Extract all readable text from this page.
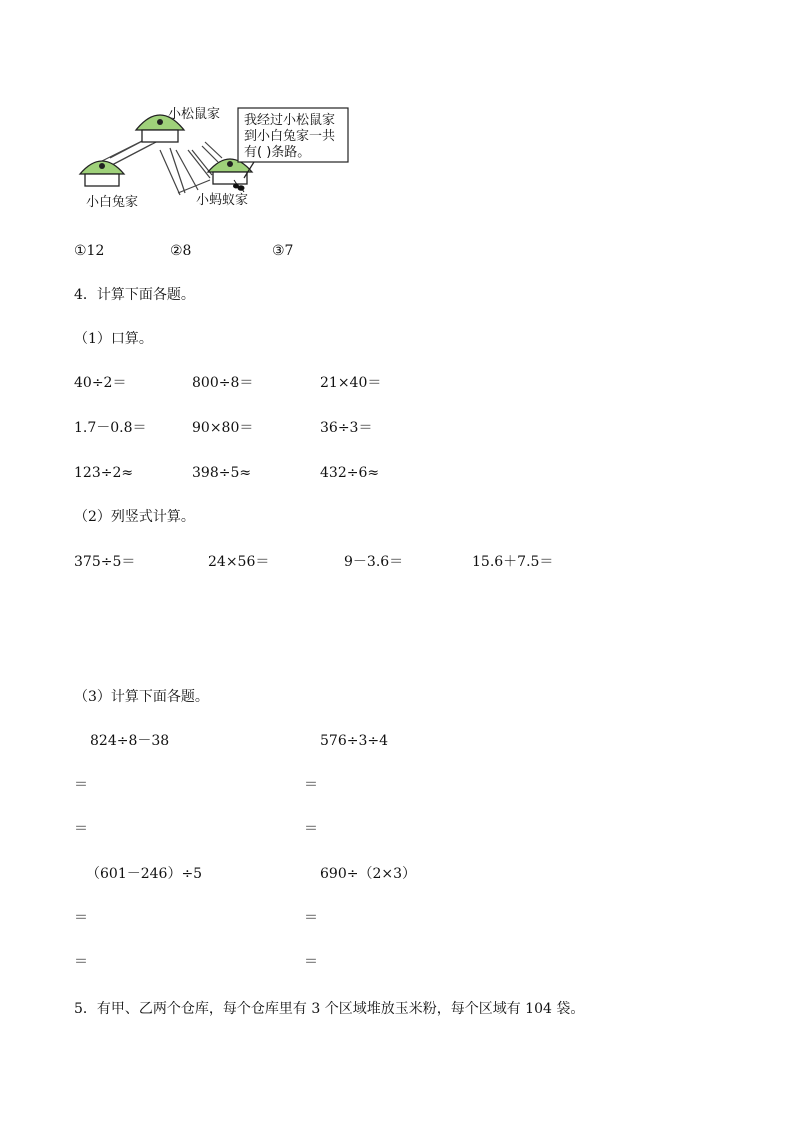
我经过小松鼠家
到小白兔家一共
有( )条路。
小松鼠家
小白兔家	小蚂蚁家
①12	②8	③7
4．计算下面各题。
（1）口算。
40÷2＝	800÷8＝	21×40＝
1.7－0.8＝	90×80＝	36÷3＝
123÷2≈	398÷5≈	432÷6≈
（2）列竖式计算。
375÷5＝	24×56＝	9－3.6＝	15.6＋7.5＝
（3）计算下面各题。
824÷8－38	576÷3÷4
＝	＝
＝	＝
（601－246）÷5	690÷（2×3）
＝	＝
＝	＝
5．有甲、乙两个仓库，每个仓库里有 3 个区域堆放玉米粉，每个区域有 104 袋。
